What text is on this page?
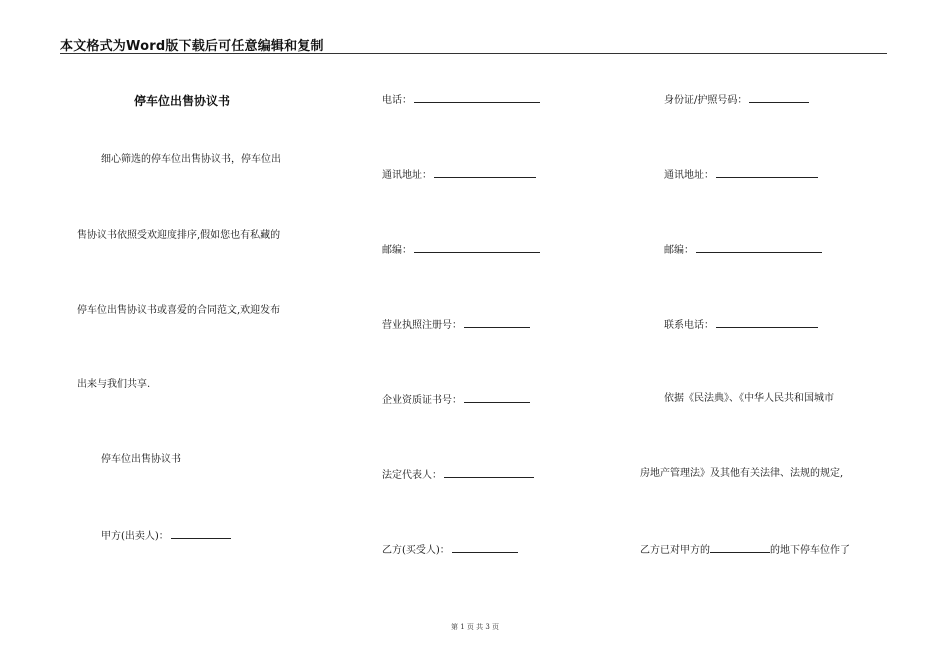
本文格式为Word版下载后可任意编辑和复制
停车位出售协议书
细心筛选的停车位出售协议书，停车位出
售协议书依照受欢迎度排序,假如您也有私藏的
停车位出售协议书或喜爱的合同范文,欢迎发布
出来与我们共享.
停车位出售协议书
甲方(出卖人)：
电话：
通讯地址：
邮编：
营业执照注册号：
企业资质证书号：
法定代表人：
乙方(买受人)：
身份证/护照号码：
通讯地址：
邮编：
联系电话：
依据《民法典》、《中华人民共和国城市
房地产管理法》及其他有关法律、法规的规定,
乙方已对甲方的	的地下停车位作了
第 1 页 共 3 页
